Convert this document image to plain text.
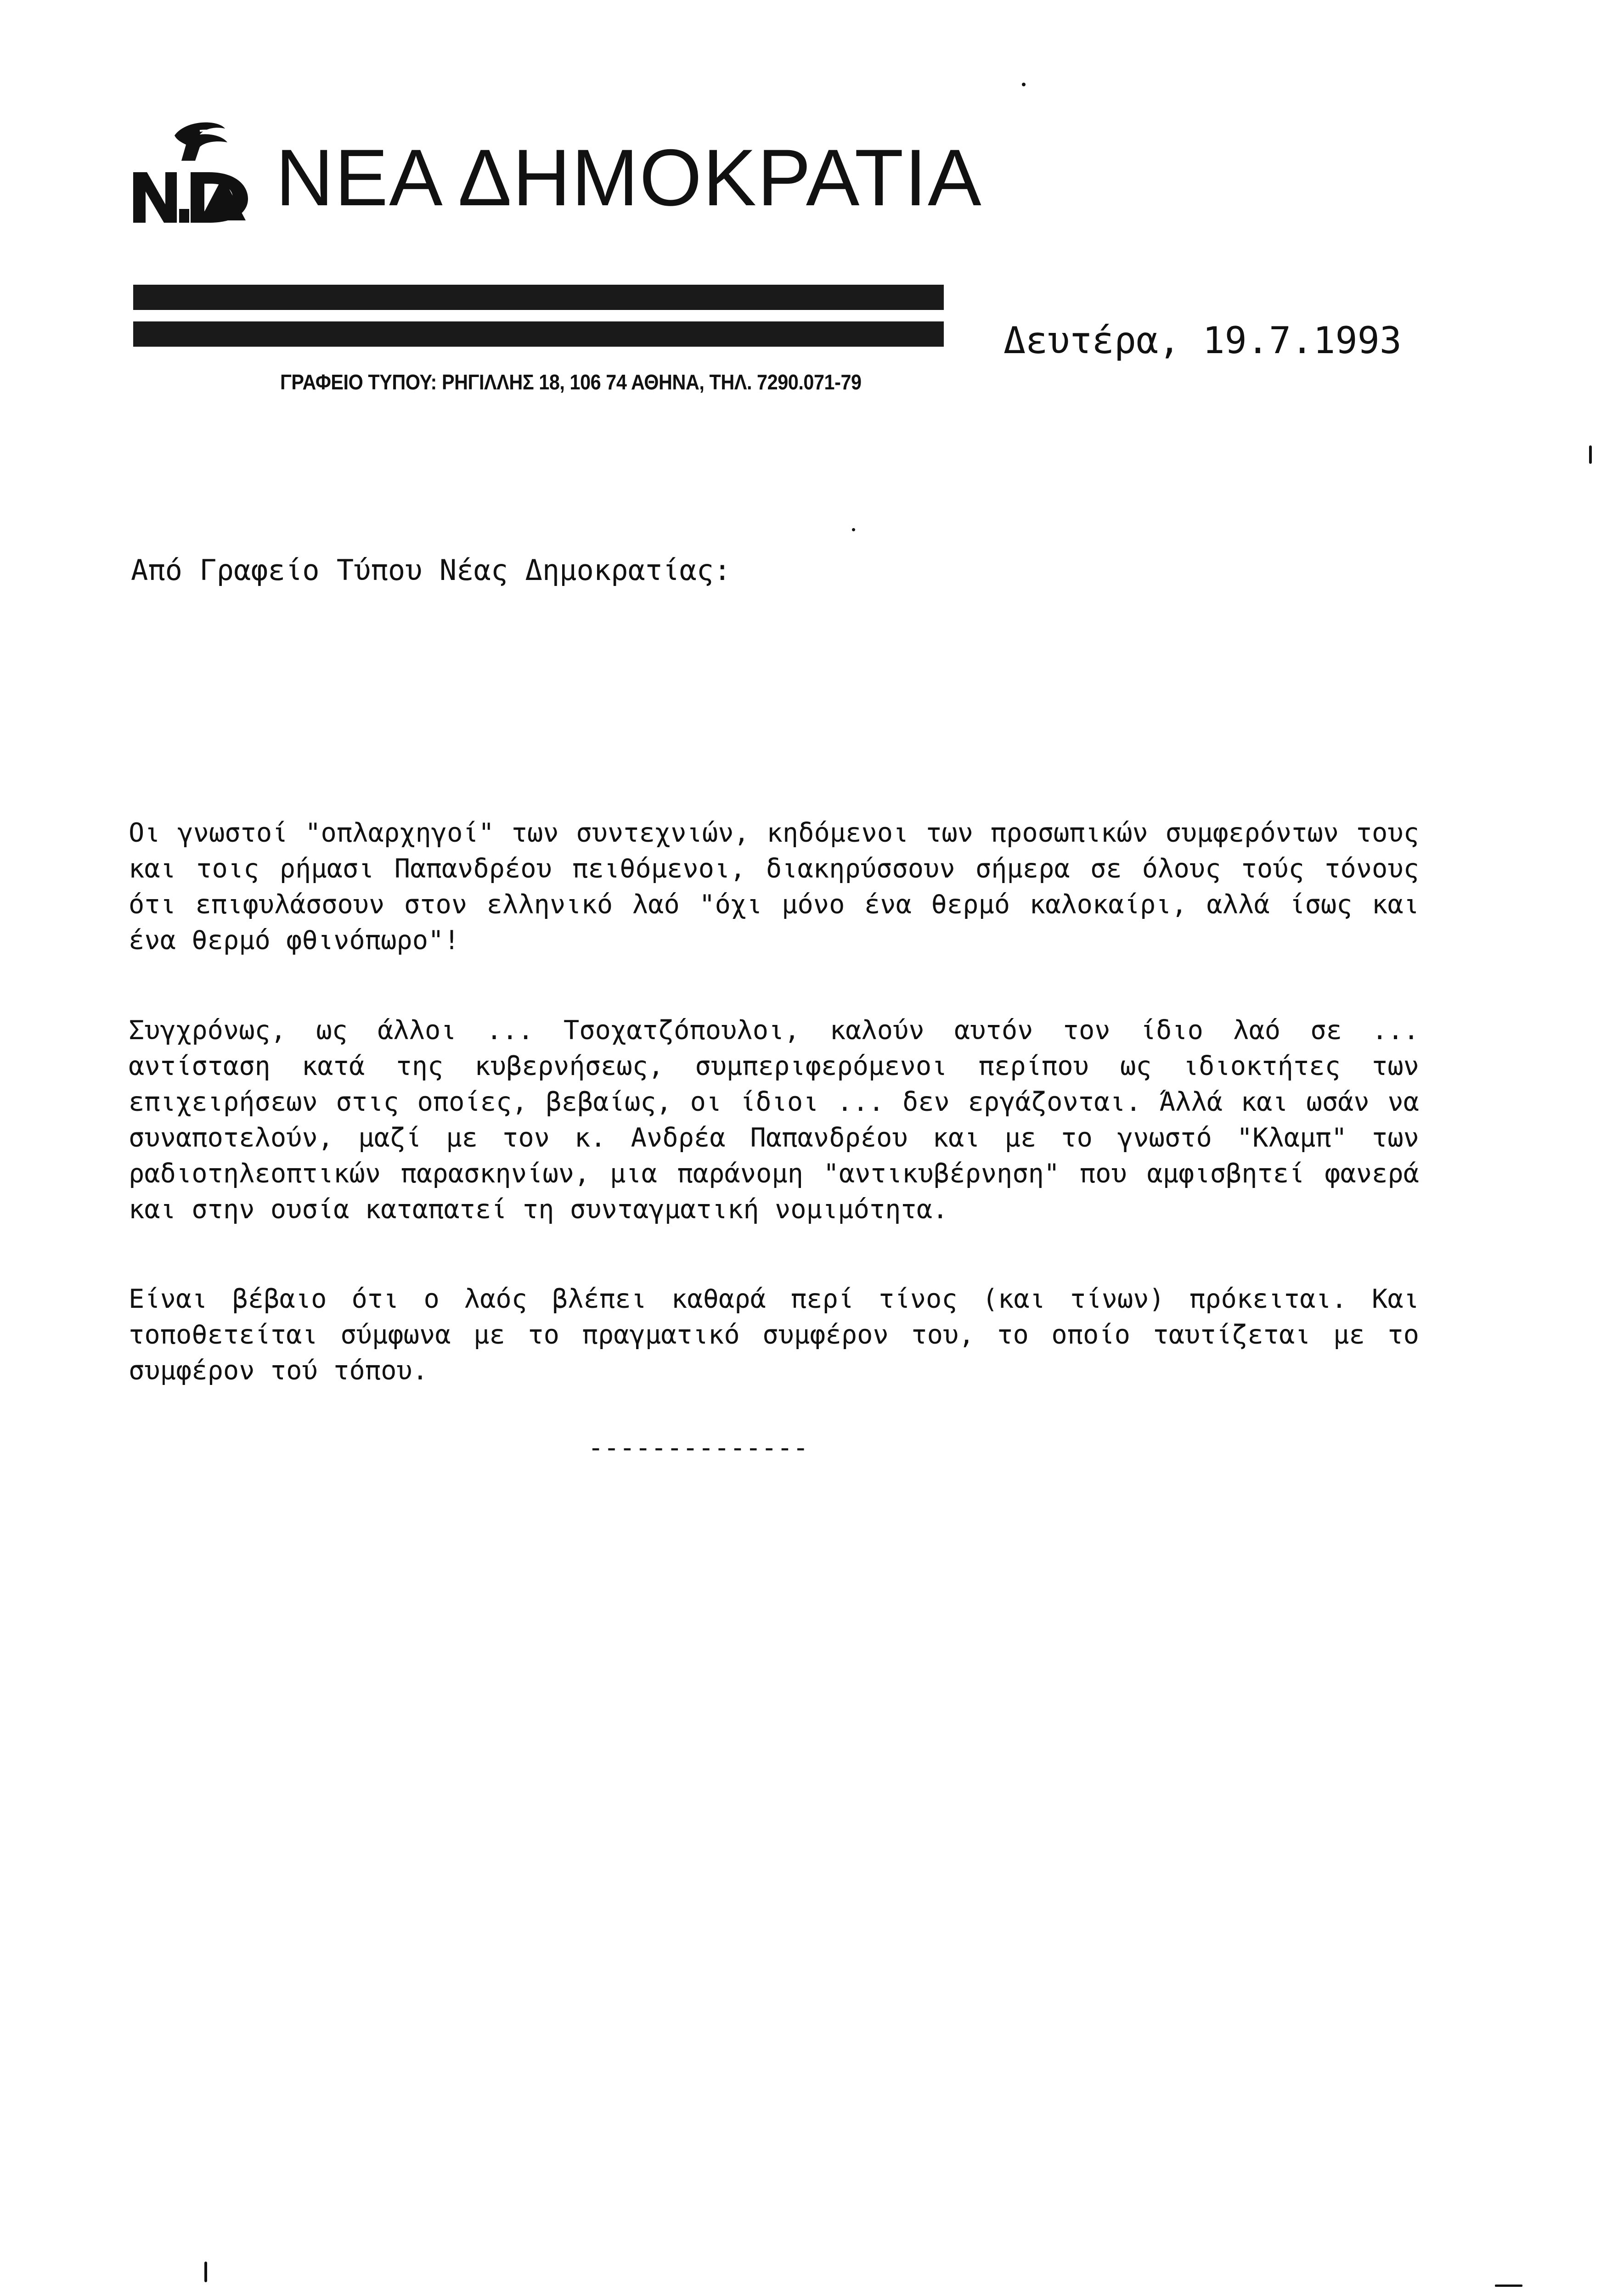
ΝΕΑ ΔΗΜΟΚΡΑΤΙΑ
ΓΡΑΦΕΙΟ ΤΥΠΟΥ: ΡΗΓΙΛΛΗΣ 18, 106 74 ΑΘΗΝΑ, ΤΗΛ. 7290.071-79
Δευτέρα, 19.7.1993
Από Γραφείο Τύπου Νέας Δημοκρατίας:
Οι γνωστοί "οπλαρχηγοί" των συντεχνιών, κηδόμενοι των προσωπικών συμφερόντων τους και τοις ρήμασι Παπανδρέου πειθόμενοι, διακηρύσσουν σήμερα σε όλους τούς τόνους ότι επιφυλάσσουν στον ελληνικό λαό "όχι μόνο ένα θερμό καλοκαίρι, αλλά ίσως και ένα θερμό φθινόπωρο"!
Συγχρόνως, ως άλλοι ... Τσοχατζόπουλοι, καλούν αυτόν τον ίδιο λαό σε ... αντίσταση κατά της κυβερνήσεως, συμπεριφερόμενοι περίπου ως ιδιοκτήτες των επιχειρήσεων στις οποίες, βεβαίως, οι ίδιοι ... δεν εργάζονται. Άλλά και ωσάν να συναποτελούν, μαζί με τον κ. Ανδρέα Παπανδρέου και με το γνωστό "Κλαμπ" των ραδιοτηλεοπτικών παρασκηνίων, μια παράνομη "αντικυβέρνηση" που αμφισβητεί φανερά και στην ουσία καταπατεί τη συνταγματική νομιμότητα.
Είναι βέβαιο ότι ο λαός βλέπει καθαρά περί τίνος (και τίνων) πρόκειται. Και τοποθετείται σύμφωνα με το πραγματικό συμφέρον του, το οποίο ταυτίζεται με το συμφέρον τού τόπου.
--------------
